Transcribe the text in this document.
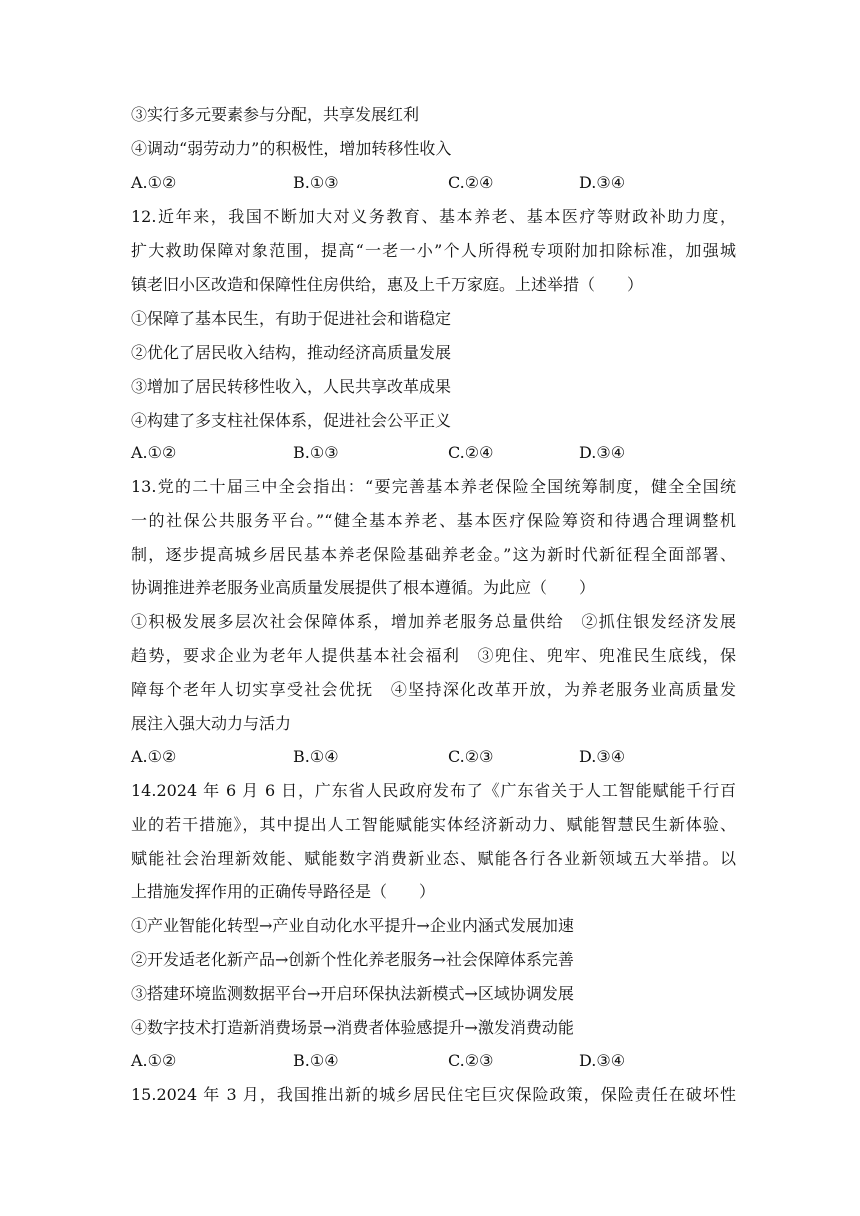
③实行多元要素参与分配，共享发展红利
④调动“弱劳动力”的积极性，增加转移性收入
A.①②	B.①③	C.②④	D.③④
12.近年来，我国不断加大对义务教育、基本养老、基本医疗等财政补助力度，
扩大救助保障对象范围，提高“一老一小”个人所得税专项附加扣除标准，加强城
镇老旧小区改造和保障性住房供给，惠及上千万家庭。上述举措（　　）
①保障了基本民生，有助于促进社会和谐稳定
②优化了居民收入结构，推动经济高质量发展
③增加了居民转移性收入，人民共享改革成果
④构建了多支柱社保体系，促进社会公平正义
A.①②	B.①③	C.②④	D.③④
13.党的二十届三中全会指出：“要完善基本养老保险全国统筹制度，健全全国统
一的社保公共服务平台。”“健全基本养老、基本医疗保险筹资和待遇合理调整机
制，逐步提高城乡居民基本养老保险基础养老金。”这为新时代新征程全面部署、
协调推进养老服务业高质量发展提供了根本遵循。为此应（　　）
①积极发展多层次社会保障体系，增加养老服务总量供给　②抓住银发经济发展
趋势，要求企业为老年人提供基本社会福利　③兜住、兜牢、兜准民生底线，保
障每个老年人切实享受社会优抚　④坚持深化改革开放，为养老服务业高质量发
展注入强大动力与活力
A.①②	B.①④	C.②③	D.③④
14.2024 年 6 月 6 日，广东省人民政府发布了《广东省关于人工智能赋能千行百
业的若干措施》，其中提出人工智能赋能实体经济新动力、赋能智慧民生新体验、
赋能社会治理新效能、赋能数字消费新业态、赋能各行各业新领域五大举措。以
上措施发挥作用的正确传导路径是（　　）
①产业智能化转型→产业自动化水平提升→企业内涵式发展加速
②开发适老化新产品→创新个性化养老服务→社会保障体系完善
③搭建环境监测数据平台→开启环保执法新模式→区域协调发展
④数字技术打造新消费场景→消费者体验感提升→激发消费动能
A.①②	B.①④	C.②③	D.③④
15.2024 年 3 月，我国推出新的城乡居民住宅巨灾保险政策，保险责任在破坏性
